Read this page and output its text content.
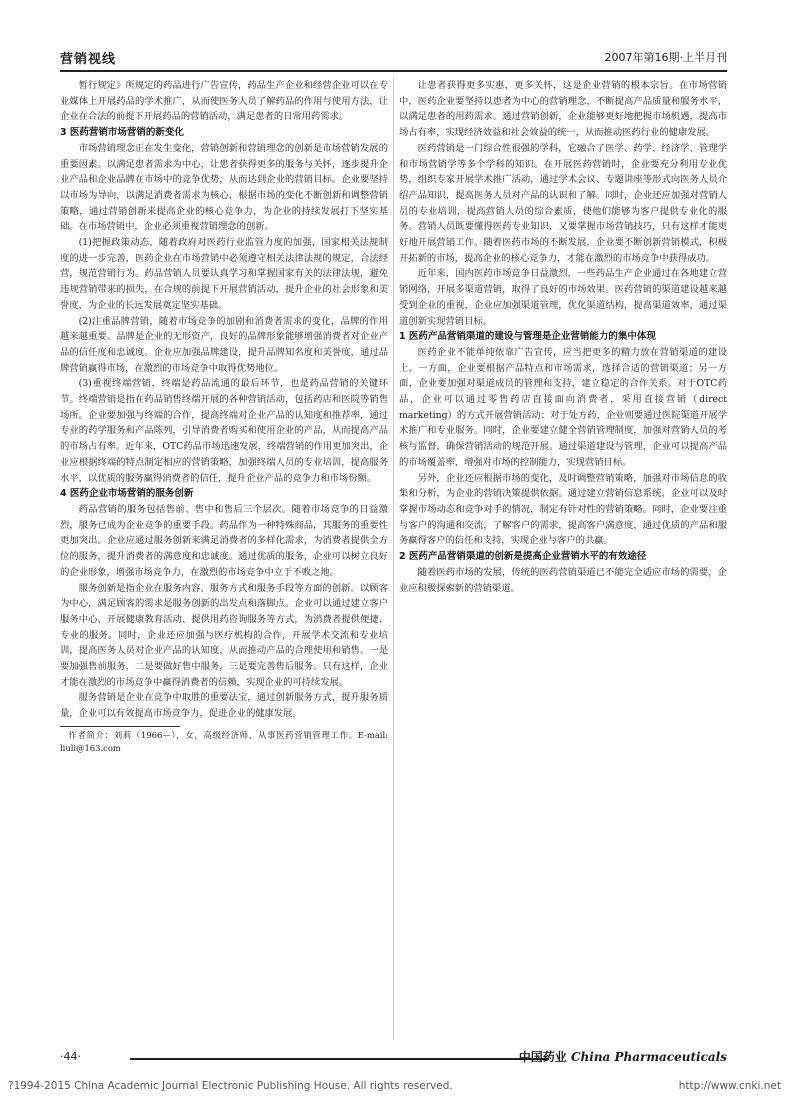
营销视线	2007年第16期·上半月刊

暂行规定》所规定的药品进行广告宣传，药品生产企业和经营企业可以在专业媒体上开展药品的学术推广，从而使医务人员了解药品的作用与使用方法，让企业在合法的前提下开展药品的营销活动，满足患者的日常用药需求。

3 医药营销市场营销的新变化

市场营销理念正在发生变化，营销创新和营销理念的创新是市场营销发展的重要因素。以满足患者需求为中心，让患者获得更多的服务与关怀，逐步提升企业产品和企业品牌在市场中的竞争优势，从而达到企业的营销目标。企业要坚持以市场为导向，以满足消费者需求为核心，根据市场的变化不断创新和调整营销策略，通过营销创新来提高企业的核心竞争力，为企业的持续发展打下坚实基础。在市场营销中，企业必须重视营销理念的创新。

(1)把握政策动态，随着政府对医药行业监管力度的加强，国家相关法规制度的进一步完善，医药企业在市场营销中必须遵守相关法律法规的规定，合法经营，规范营销行为。药品营销人员要认真学习和掌握国家有关的法律法规，避免违规营销带来的损失，在合规的前提下开展营销活动，提升企业的社会形象和美誉度，为企业的长远发展奠定坚实基础。

(2)注重品牌营销，随着市场竞争的加剧和消费者需求的变化，品牌的作用越来越重要。品牌是企业的无形资产，良好的品牌形象能够增强消费者对企业产品的信任度和忠诚度。企业应加强品牌建设，提升品牌知名度和美誉度，通过品牌营销赢得市场，在激烈的市场竞争中取得优势地位。

(3)重视终端营销，终端是药品流通的最后环节，也是药品营销的关键环节。终端营销是指在药品销售终端开展的各种营销活动，包括药店和医院等销售场所。企业要加强与终端的合作，提高终端对企业产品的认知度和推荐率，通过专业的药学服务和产品陈列，引导消费者购买和使用企业的产品，从而提高产品的市场占有率。近年来，OTC药品市场迅速发展，终端营销的作用更加突出，企业应根据终端的特点制定相应的营销策略，加强终端人员的专业培训，提高服务水平，以优质的服务赢得消费者的信任，提升企业产品的竞争力和市场份额。

4 医药企业市场营销的服务创新

药品营销的服务包括售前、售中和售后三个层次。随着市场竞争的日益激烈，服务已成为企业竞争的重要手段。药品作为一种特殊商品，其服务的重要性更加突出。企业应通过服务创新来满足消费者的多样化需求，为消费者提供全方位的服务，提升消费者的满意度和忠诚度。通过优质的服务，企业可以树立良好的企业形象，增强市场竞争力，在激烈的市场竞争中立于不败之地。

服务创新是指企业在服务内容、服务方式和服务手段等方面的创新。以顾客为中心，满足顾客的需求是服务创新的出发点和落脚点。企业可以通过建立客户服务中心、开展健康教育活动、提供用药咨询服务等方式，为消费者提供便捷、专业的服务。同时，企业还应加强与医疗机构的合作，开展学术交流和专业培训，提高医务人员对企业产品的认知度，从而推动产品的合理使用和销售。一是要加强售前服务，二是要做好售中服务，三是要完善售后服务。只有这样，企业才能在激烈的市场竞争中赢得消费者的信赖，实现企业的可持续发展。

服务营销是企业在竞争中取胜的重要法宝，通过创新服务方式，提升服务质量，企业可以有效提高市场竞争力，促进企业的健康发展。

作者简介：刘莉（1966—），女，高级经济师，从事医药营销管理工作。E-mail: liuli@163.com

让患者获得更多实惠，更多关怀，这是企业营销的根本宗旨。在市场营销中，医药企业要坚持以患者为中心的营销理念，不断提高产品质量和服务水平，以满足患者的用药需求。通过营销创新，企业能够更好地把握市场机遇，提高市场占有率，实现经济效益和社会效益的统一，从而推动医药行业的健康发展。

医药营销是一门综合性很强的学科，它融合了医学、药学、经济学、管理学和市场营销学等多个学科的知识。在开展医药营销时，企业要充分利用专业优势，组织专家开展学术推广活动，通过学术会议、专题讲座等形式向医务人员介绍产品知识，提高医务人员对产品的认识和了解。同时，企业还应加强对营销人员的专业培训，提高营销人员的综合素质，使他们能够为客户提供专业化的服务。营销人员既要懂得医药专业知识，又要掌握市场营销技巧，只有这样才能更好地开展营销工作。随着医药市场的不断发展，企业要不断创新营销模式，积极开拓新的市场，提高企业的核心竞争力，才能在激烈的市场竞争中获得成功。

近年来，国内医药市场竞争日益激烈，一些药品生产企业通过在各地建立营销网络，开展多渠道营销，取得了良好的市场效果。医药营销的渠道建设越来越受到企业的重视，企业应加强渠道管理，优化渠道结构，提高渠道效率，通过渠道创新实现营销目标。

1 医药产品营销渠道的建设与管理是企业营销能力的集中体现

医药企业不能单纯依靠广告宣传，应当把更多的精力放在营销渠道的建设上。一方面，企业要根据产品特点和市场需求，选择合适的营销渠道；另一方面，企业要加强对渠道成员的管理和支持，建立稳定的合作关系。对于OTC药品，企业可以通过零售药店直接面向消费者，采用直接营销（direct marketing）的方式开展营销活动；对于处方药，企业则要通过医院渠道开展学术推广和专业服务。同时，企业要建立健全营销管理制度，加强对营销人员的考核与监督，确保营销活动的规范开展。通过渠道建设与管理，企业可以提高产品的市场覆盖率，增强对市场的控制能力，实现营销目标。

另外，企业还应根据市场的变化，及时调整营销策略，加强对市场信息的收集和分析，为企业的营销决策提供依据。通过建立营销信息系统，企业可以及时掌握市场动态和竞争对手的情况，制定有针对性的营销策略。同时，企业要注重与客户的沟通和交流，了解客户的需求，提高客户满意度，通过优质的产品和服务赢得客户的信任和支持，实现企业与客户的共赢。

2 医药产品营销渠道的创新是提高企业营销水平的有效途径

随着医药市场的发展，传统的医药营销渠道已不能完全适应市场的需要，企业应积极探索新的营销渠道。

·44·	中国药业 China Pharmaceuticals
?1994-2015 China Academic Journal Electronic Publishing House. All rights reserved.	http://www.cnki.net
